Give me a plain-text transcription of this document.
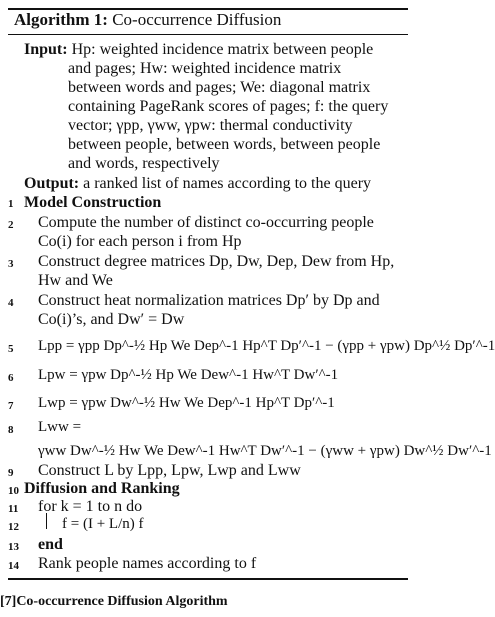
Algorithm 1: Co-occurrence Diffusion
Input: Hp: weighted incidence matrix between people
and pages; Hw: weighted incidence matrix
between words and pages; We: diagonal matrix
containing PageRank scores of pages; f: the query
vector; γpp, γww, γpw: thermal conductivity
between people, between words, between people
and words, respectively
Output: a ranked list of names according to the query
1 Model Construction
2 Compute the number of distinct co-occurring people
Co(i) for each person i from Hp
3 Construct degree matrices Dp, Dw, Dep, Dew from Hp,
Hw and We
4 Construct heat normalization matrices Dp′ by Dp and
Co(i)’s, and Dw′ = Dw
5 Lpp = γpp Dp^-½ Hp We Dep^-1 Hp^T Dp′^-1 − (γpp + γpw) Dp^½ Dp′^-1
6 Lpw = γpw Dp^-½ Hp We Dew^-1 Hw^T Dw′^-1
7 Lwp = γpw Dw^-½ Hw We Dep^-1 Hp^T Dp′^-1
8 Lww =
γww Dw^-½ Hw We Dew^-1 Hw^T Dw′^-1 − (γww + γpw) Dw^½ Dw′^-1
9 Construct L by Lpp, Lpw, Lwp and Lww
10 Diffusion and Ranking
11 for k = 1 to n do
12	f = (I + L/n) f
13 end
14 Rank people names according to f
[7]Co-occurrence Diffusion Algorithm
